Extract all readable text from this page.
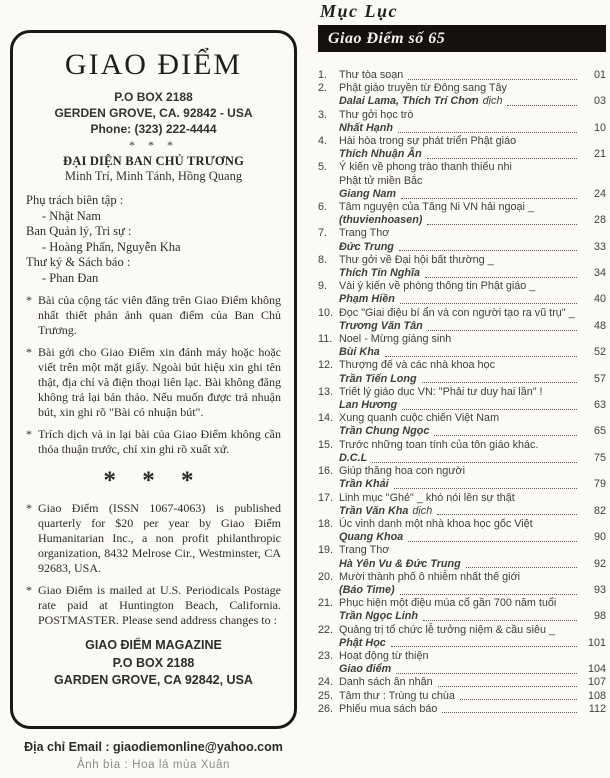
GIAO ĐIỂM
P.O BOX 2188
GERDEN GROVE, CA. 92842 - USA
Phone: (323) 222-4444
* * *
ĐẠI DIỆN BAN CHỦ TRƯƠNG
Minh Trí, Minh Tánh, Hồng Quang
Phụ trách biên tập :
- Nhật Nam
Ban Quản lý, Tri sự :
- Hoàng Phấn, Nguyễn Kha
Thư ký & Sách báo :
- Phan Đan
* Bài của cộng tác viên đăng trên Giao Điểm không nhất thiết phản ảnh quan điểm của Ban Chủ Trương.
* Bài gởi cho Giao Điểm xin đánh máy hoặc hoặc viết trên một mặt giấy. Ngoài bút hiệu xin ghi tên thật, địa chỉ và điện thoại liên lạc. Bài không đăng không trả lại bản thảo. Nếu muốn được trả nhuận bút, xin ghi rõ "Bài có nhuận bút".
* Trích dịch và in lại bài của Giao Điểm không cần thỏa thuận trước, chỉ xin ghi rõ xuất xứ.
* * *
* Giao Điểm (ISSN 1067-4063) is published quarterly for $20 per year by Giao Điểm Humanitarian Inc., a non profit philanthropic organization, 8432 Melrose Cir., Westminster, CA 92683, USA.
* Giao Điểm is mailed at U.S. Periodicals Postage rate paid at Huntington Beach, California. POSTMASTER. Please send address changes to :
GIAO ĐIỂM MAGAZINE
P.O BOX 2188
GARDEN GROVE, CA 92842, USA
Địa chỉ Email : giaodiemonline@yahoo.com
Ảnh bìa : Hoa lá mùa Xuân
Mục Lục
Giao Điểm số 65
1.	Thư tòa soạn	01
2.	Phật giáo truyền từ Đông sang Tây
Dalai Lama, Thích Trí Chơn dịch	03
3.	Thư gởi học trò
Nhất Hạnh	10
4.	Hài hòa trong sự phát triển Phật giáo
Thích Nhuận Ân	21
5.	Ý kiến về phong trào thanh thiếu nhi
Phật tử miền Bắc
Giang Nam	24
6.	Tâm nguyện của Tăng Ni VN hải ngoại _
(thuvienhoasen)	28
7.	Trang Thơ
Đức Trung	33
8.	Thư gởi về Đại hội bất thường _
Thích Tín Nghĩa	34
9.	Vài ý kiến về phòng thông tin Phật giáo _
Phạm Hiền	40
10. Đọc "Giai điệu bí ẩn và con người tạo ra vũ trụ" _
Trương Văn Tân	48
11. Noel - Mừng giáng sinh
Bùi Kha	52
12. Thượng đế và các nhà khoa học
Trần Tiến Long	57
13. Triết lý giáo dục VN: "Phải tư duy hai lần" !
Lan Hương	63
14. Xung quanh cuộc chiến Việt Nam
Trần Chung Ngọc	65
15. Trước những toan tính của tôn giáo khác.
D.C.L	75
16. Giúp thăng hoa con người
Trần Khải	79
17. Linh mục "Ghẻ" _ khó nói lên sự thật
Trần Văn Kha dịch	82
18. Úc vinh danh một nhà khoa học gốc Việt
Quang Khoa	90
19. Trang Thơ
Hà Yên Vu & Đức Trung	92
20. Mười thành phố ô nhiễm nhất thế giới
(Báo Time)	93
21. Phục hiện một điệu múa cổ gần 700 năm tuổi
Trần Ngọc Linh	98
22. Quảng trị tổ chức lễ tưởng niệm & cầu siêu _
Phật Học	101
23. Hoạt động từ thiện
Giao điểm	104
24. Danh sách ân nhân	107
25. Tâm thư : Trùng tu chùa	108
26. Phiếu mua sách báo	112
